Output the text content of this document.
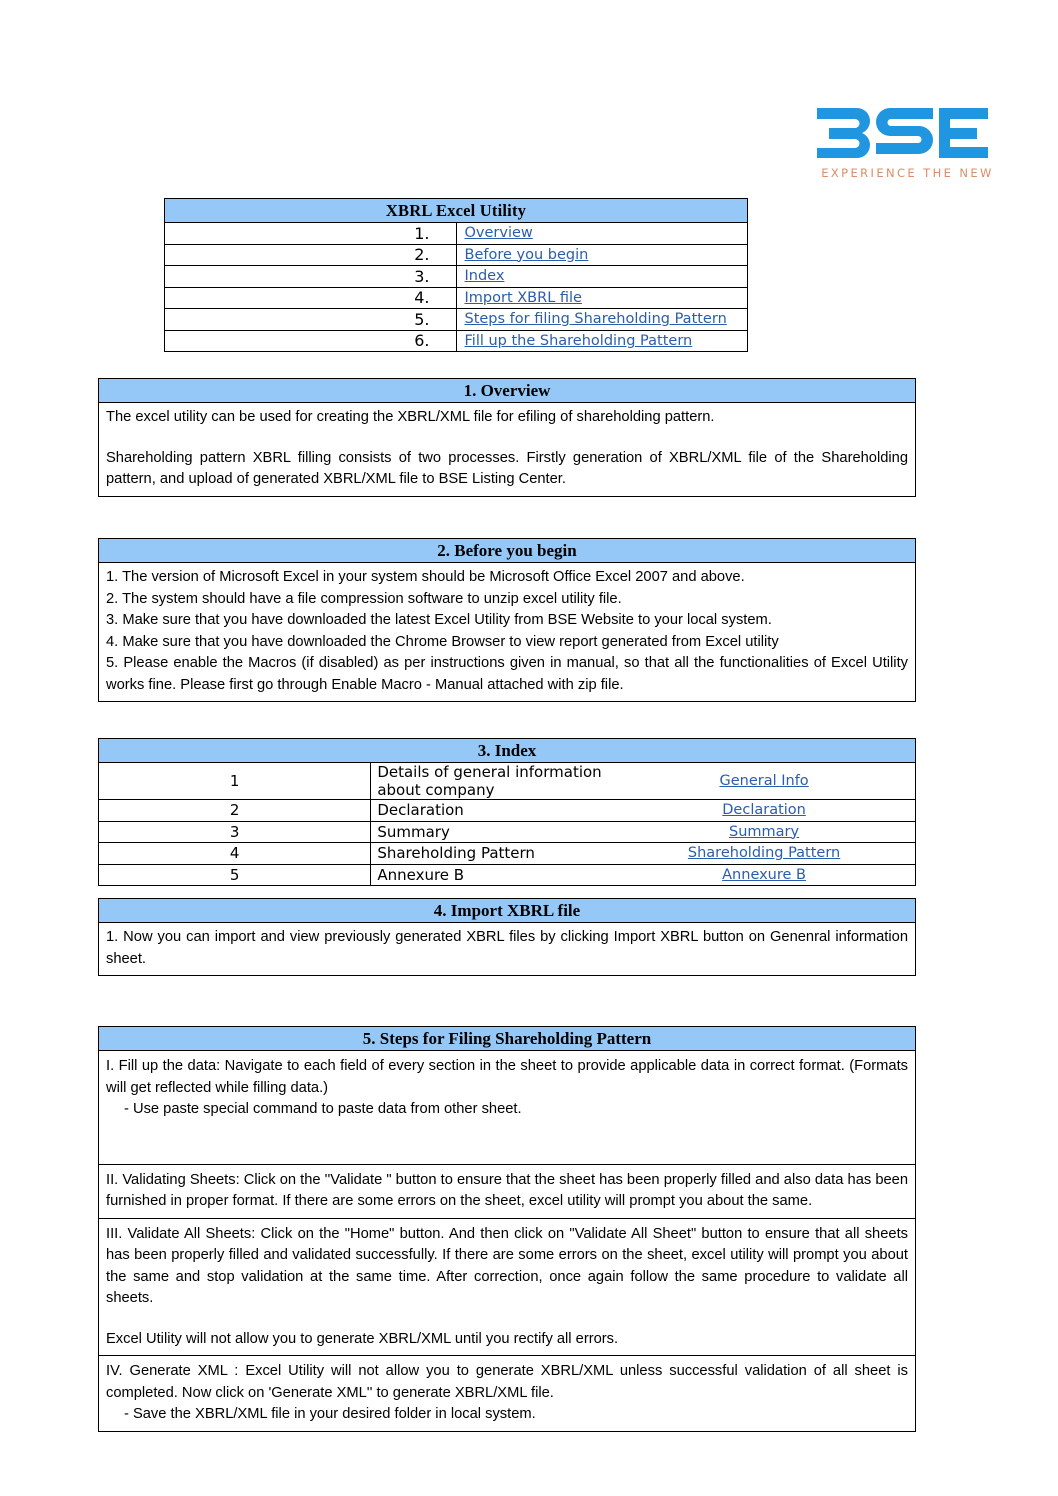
EXPERIENCE THE NEW
XBRL Excel Utility	
1.	Overview
2.	Before you begin
3.	Index
4.	Import XBRL file
5.	Steps for filing Shareholding Pattern
6.	Fill up the Shareholding Pattern
1. Overview

The excel utility can be used for creating the XBRL/XML file for efiling of shareholding pattern.

Shareholding pattern XBRL filling consists of two processes. Firstly generation of XBRL/XML file of the Shareholding pattern, and upload of generated XBRL/XML file to BSE Listing Center.

2. Before you begin

1. The version of Microsoft Excel in your system should be Microsoft Office Excel 2007 and above.

2. The system should have a file compression software to unzip excel utility file.

3. Make sure that you have downloaded the latest Excel Utility from BSE Website to your local system.

4. Make sure that you have downloaded the Chrome Browser to view report generated from Excel utility

5. Please enable the Macros (if disabled) as per instructions given in manual, so that all the functionalities of Excel Utility works fine. Please first go through Enable Macro - Manual attached with zip file.

3. Index		
1	Details of general information about company	General Info
2	Declaration	Declaration
3	Summary	Summary
4	Shareholding Pattern	Shareholding Pattern
5	Annexure B	Annexure B
4. Import XBRL file

1. Now you can import and view previously generated XBRL files by clicking Import XBRL button on Genenral information sheet.

5. Steps for Filing Shareholding Pattern
I. Fill up the data: Navigate to each field of every section in the sheet to provide applicable data in correct format. (Formats will get reflected while filling data.)
- Use paste special command to paste data from other sheet.
II. Validating Sheets: Click on the ''Validate " button to ensure that the sheet has been properly filled and also data has been furnished in proper format. If there are some errors on the sheet, excel utility will prompt you about the same.
III. Validate All Sheets: Click on the "Home" button. And then click on "Validate All Sheet" button to ensure that all sheets has been properly filled and validated successfully. If there are some errors on the sheet, excel utility will prompt you about the same and stop validation at the same time. After correction, once again follow the same procedure to validate all sheets.
Excel Utility will not allow you to generate XBRL/XML until you rectify all errors.
IV. Generate XML : Excel Utility will not allow you to generate XBRL/XML unless successful validation of all sheet is completed. Now click on 'Generate XML'' to generate XBRL/XML file.
- Save the XBRL/XML file in your desired folder in local system.
